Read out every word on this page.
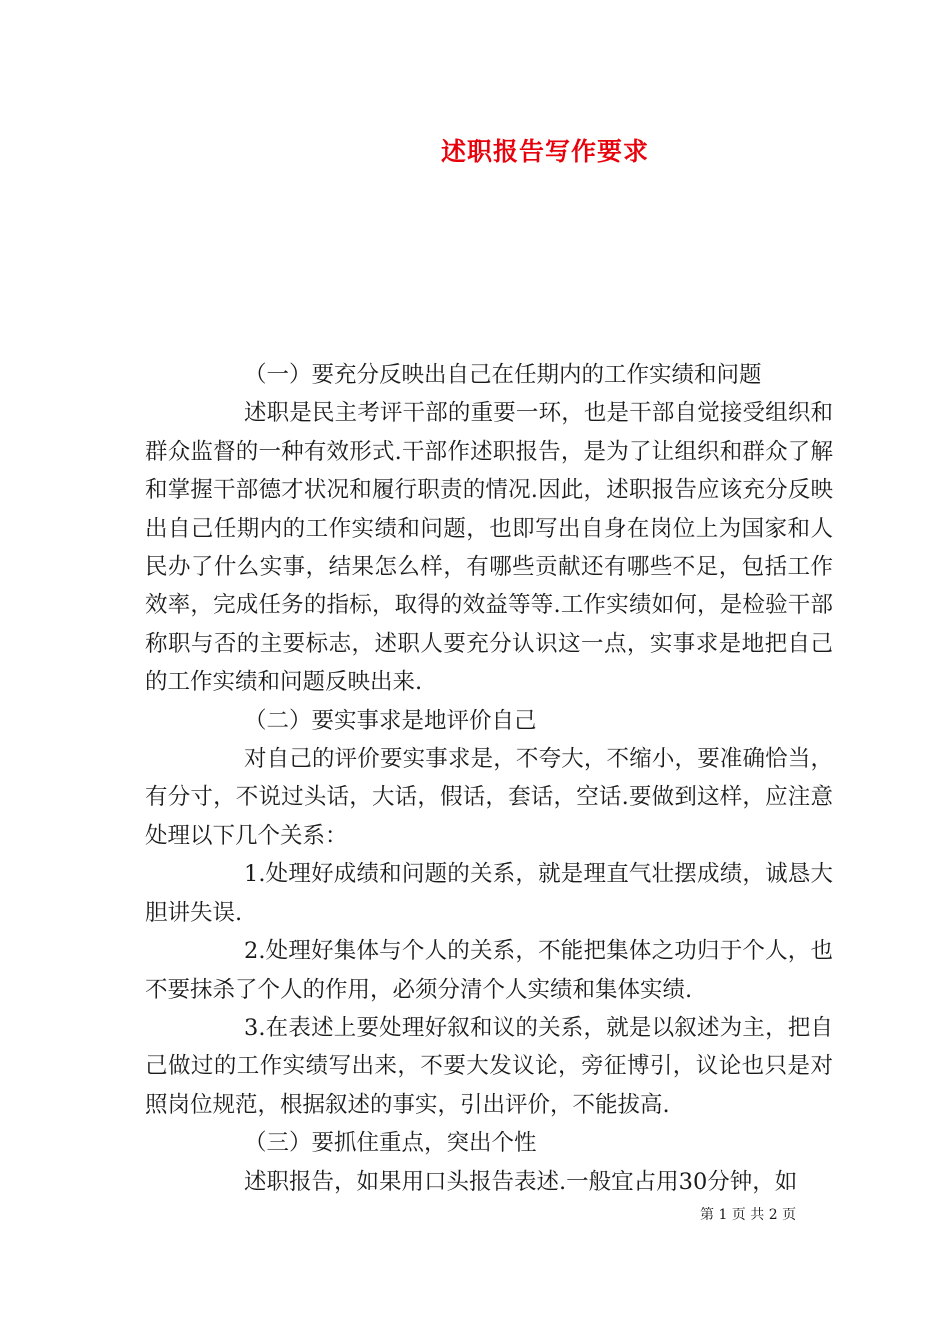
述职报告写作要求
（一）要充分反映出自己在任期内的工作实绩和问题

述职是民主考评干部的重要一环，也是干部自觉接受组织和群众监督的一种有效形式.干部作述职报告，是为了让组织和群众了解和掌握干部德才状况和履行职责的情况.因此，述职报告应该充分反映出自己任期内的工作实绩和问题，也即写出自身在岗位上为国家和人民办了什么实事，结果怎么样，有哪些贡献还有哪些不足，包括工作效率，完成任务的指标，取得的效益等等.工作实绩如何，是检验干部称职与否的主要标志，述职人要充分认识这一点，实事求是地把自己的工作实绩和问题反映出来.

（二）要实事求是地评价自己

对自己的评价要实事求是，不夸大，不缩小，要准确恰当，有分寸，不说过头话，大话，假话，套话，空话.要做到这样，应注意处理以下几个关系：

1.处理好成绩和问题的关系，就是理直气壮摆成绩，诚恳大胆讲失误.

2.处理好集体与个人的关系，不能把集体之功归于个人，也不要抹杀了个人的作用，必须分清个人实绩和集体实绩.

3.在表述上要处理好叙和议的关系，就是以叙述为主，把自己做过的工作实绩写出来，不要大发议论，旁征博引，议论也只是对照岗位规范，根据叙述的事实，引出评价，不能拔高.

（三）要抓住重点，突出个性

述职报告，如果用口头报告表述.一般宜占用30分钟，如

第 1 页 共 2 页
